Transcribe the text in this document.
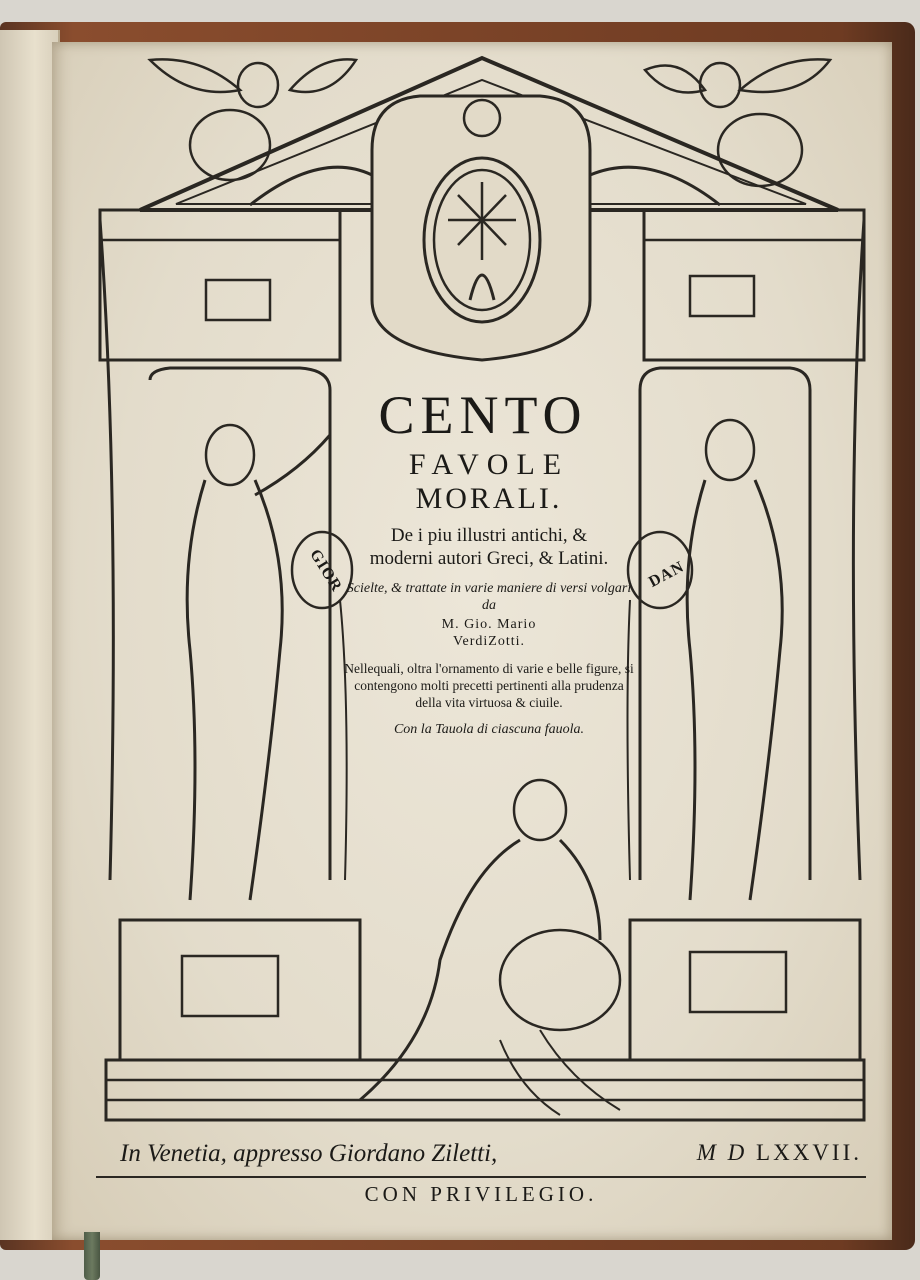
GIOR	DAN
CENTO
FAVOLE
MORALI.
De i piu illustri antichi, &
moderni autori Greci, & Latini.
Scielte, & trattate in varie maniere di versi volgari da
M. Gio. Mario
VerdiZotti.
Nellequali, oltra l'ornamento di varie e belle figure, si contengono molti precetti pertinenti alla prudenza della vita virtuosa & ciuile.
Con la Tauola di ciascuna fauola.
In Venetia, appresso Giordano Ziletti,	M D LXXVII.
CON PRIVILEGIO.
